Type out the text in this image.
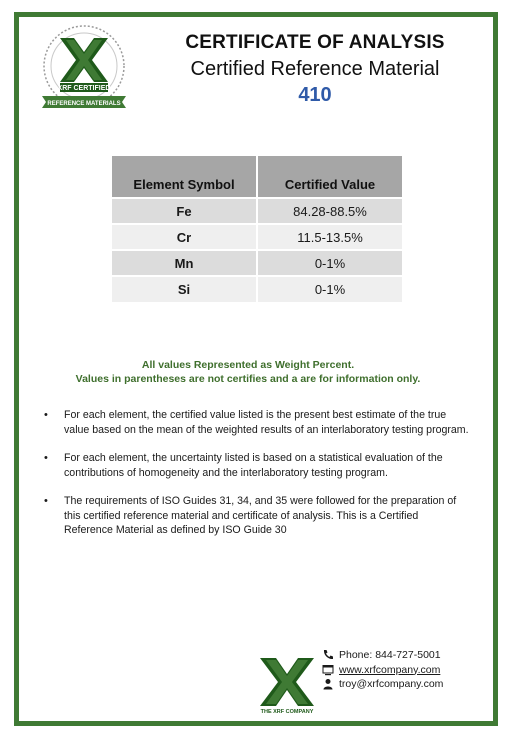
XRF CERTIFIED
REFERENCE MATERIALS
CERTIFICATE OF ANALYSIS
Certified Reference Material
410
Element Symbol	Certified Value
Fe	84.28-88.5%
Cr	11.5-13.5%
Mn	0-1%
Si	0-1%
All values Represented as Weight Percent.
Values in parentheses are not certifies and a are for information only.
• For each element, the certified value listed is the present best estimate of the true value based on the mean of the weighted results of an interlaboratory testing program.
• For each element, the uncertainty listed is based on a statistical evaluation of the contributions of homogeneity and the interlaboratory testing program.
• The requirements of ISO Guides 31, 34, and 35 were followed for the preparation of this certified reference material and certificate of analysis. This is a Certified Reference Material as defined by ISO Guide 30
THE XRF COMPANY
Phone: 844-727-5001
www.xrfcompany.com
troy@xrfcompany.com
